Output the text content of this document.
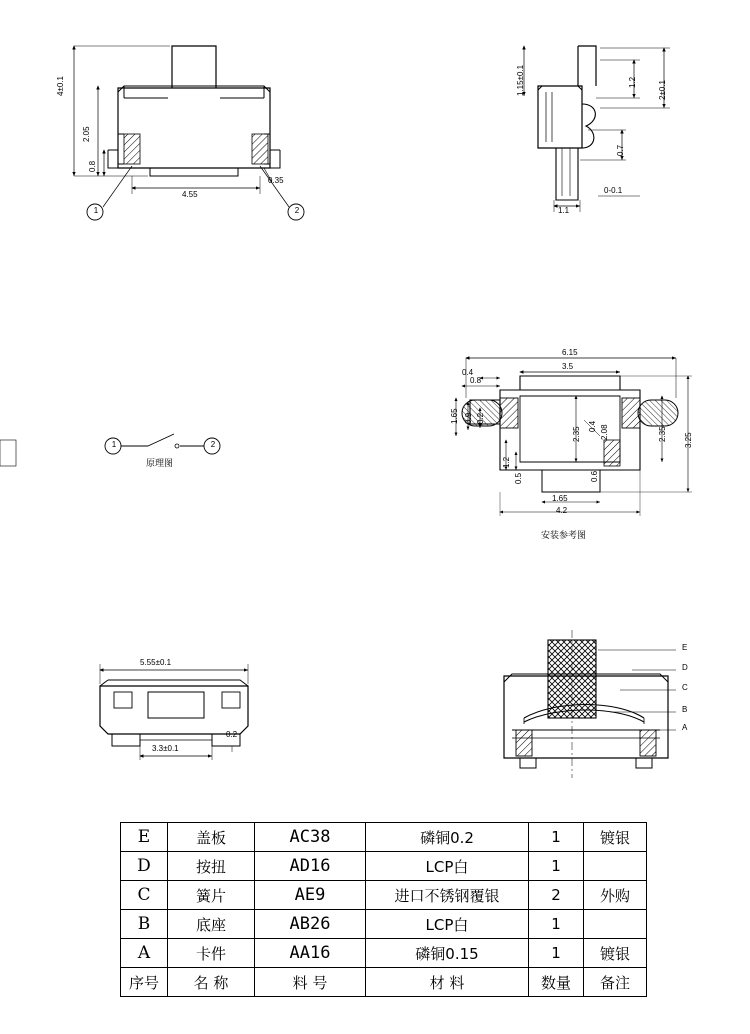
4±0.1
2.05
0.8
4.55
0.35
1	2
1.15±0.1	1.2	2±0.1
0.7
1.1
0-0.1
1	2
原理图
6.15
3.5
0.8
0.4
1.65 0.9 0.2
2.35 0.4 2.08	2.35 3.25
1.2
0.5	0.6
1.65
4.2
安装参考图
5.55±0.1
3.3±0.1
0.2
E
D
C
B
A
E	盖板	AC38	磷铜0.2	1	镀银
D	按扭	AD16	LCP白	1	
C	簧片	AE9	进口不锈钢覆银	2	外购
B	底座	AB26	LCP白	1	
A	卡件	AA16	磷铜0.15	1	镀银
序号	名 称	料 号	材 料	数量	备注
